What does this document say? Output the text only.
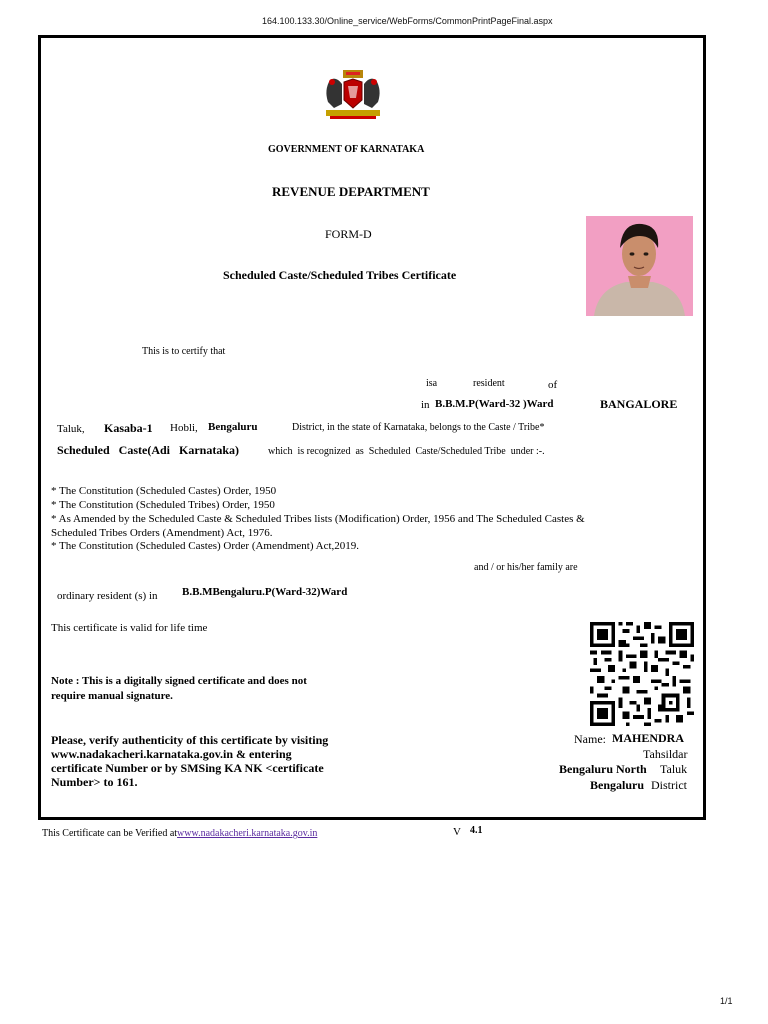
164.100.133.30/Online_service/WebForms/CommonPrintPageFinal.aspx
GOVERNMENT OF KARNATAKA
REVENUE DEPARTMENT
FORM-D
Scheduled Caste/Scheduled Tribes Certificate
This is to certify that
isa	resident	of
in B.B.M.P(Ward-32 )Ward	BANGALORE
Taluk, Kasaba-1 Hobli, Bengaluru	District, in the state of Karnataka, belongs to the Caste / Tribe*
Scheduled   Caste(Adi   Karnataka)	which  is recognized  as  Scheduled  Caste/Scheduled Tribe  under :-.
* The Constitution (Scheduled Castes) Order, 1950
* The Constitution (Scheduled Tribes) Order, 1950
* As Amended by the Scheduled Caste & Scheduled Tribes lists (Modification) Order, 1956 and The Scheduled Castes &
Scheduled Tribes Orders (Amendment) Act, 1976.
* The Constitution (Scheduled Castes) Order (Amendment) Act,2019.
and / or his/her family are
ordinary resident (s) in B.B.MBengaluru.P(Ward-32)Ward
This certificate is valid for life time
Note : This is a digitally signed certificate and does not
require manual signature.
Please, verify authenticity of this certificate by visiting
www.nadakacheri.karnataka.gov.in & entering
certificate Number or by SMSing KA NK <certificate
Number> to 161.
Name: MAHENDRA
Tahsildar
Bengaluru North Taluk
Bengaluru District
This Certificate can be Verified atwww.nadakacheri.karnataka.gov.in	V 4.1
1/1
